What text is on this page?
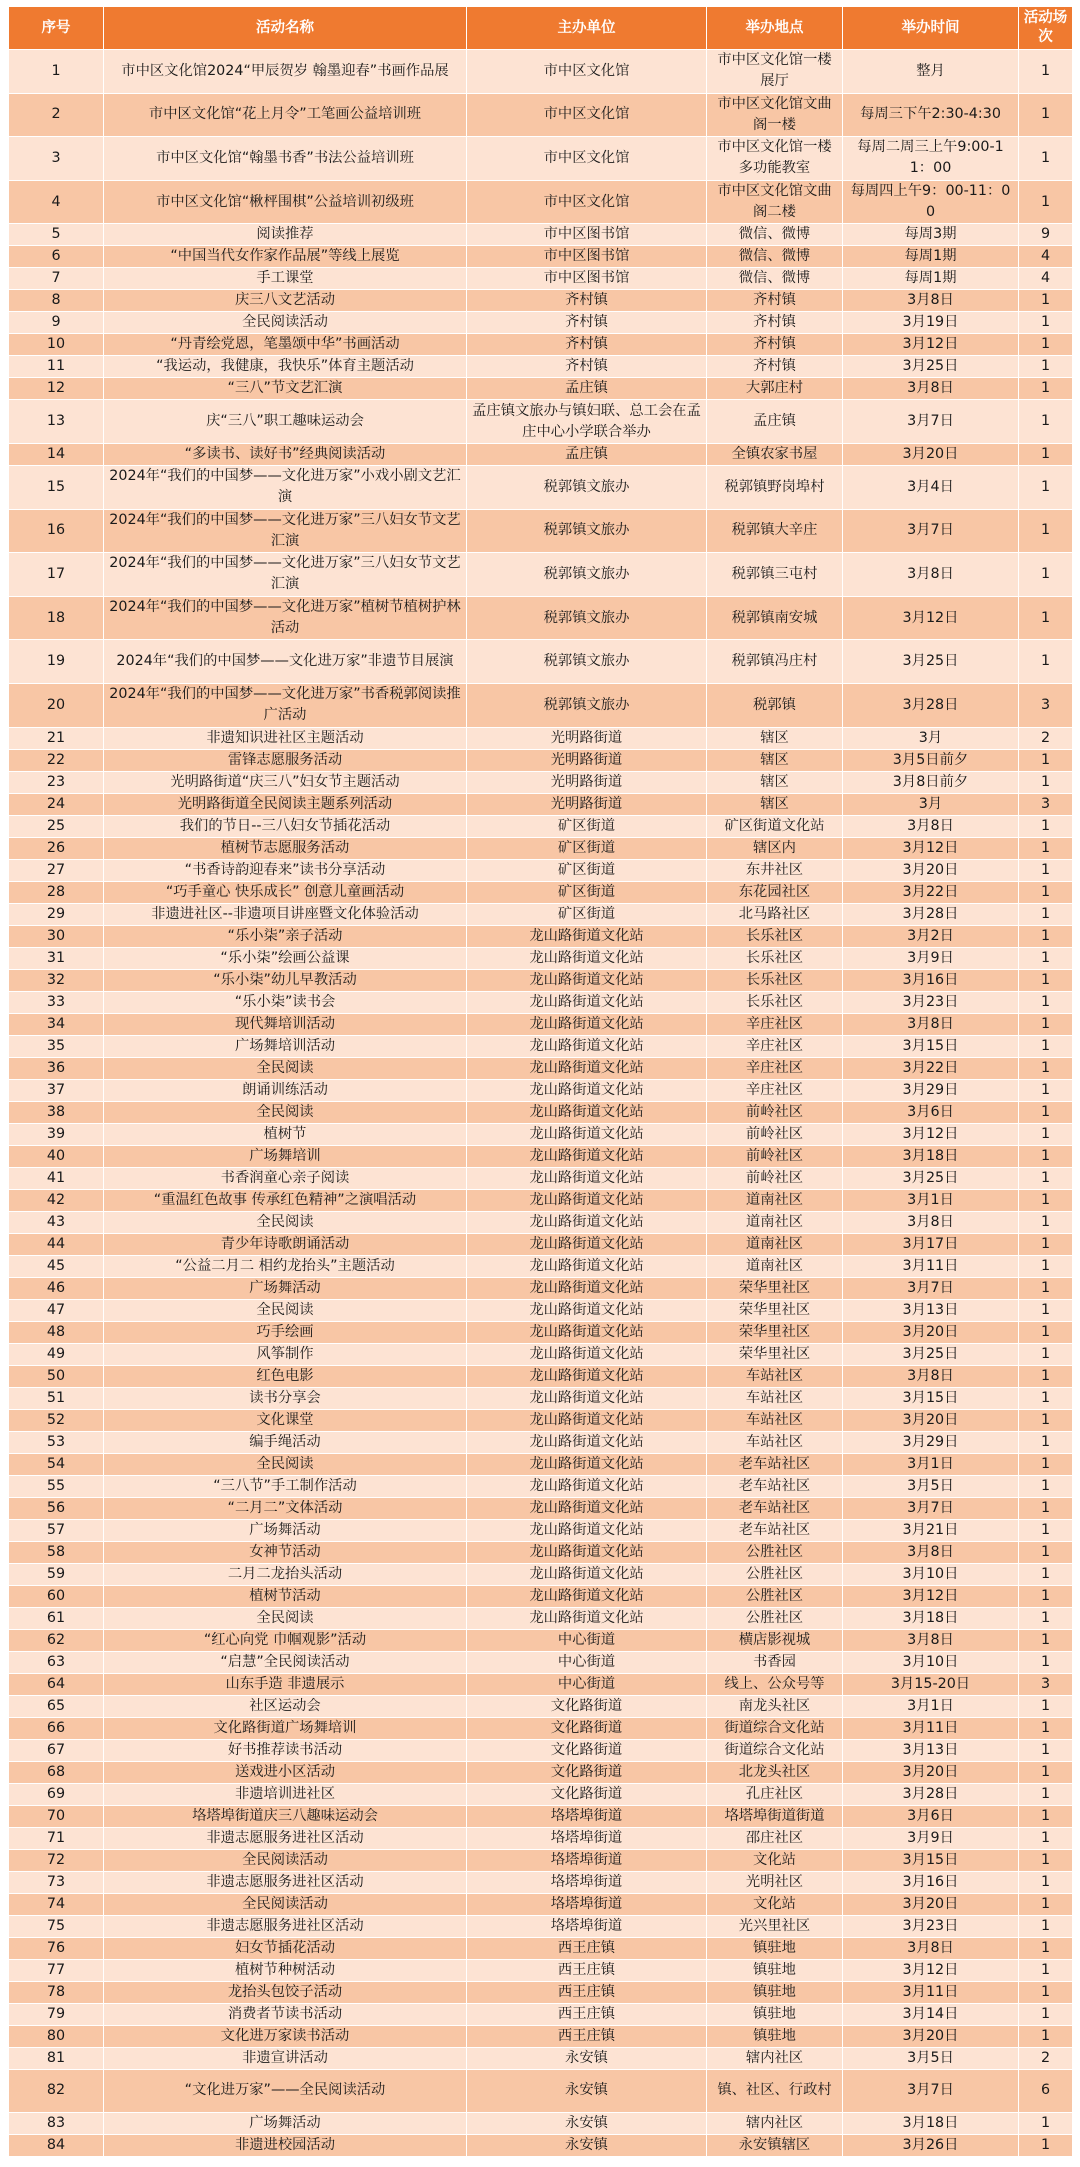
序号	活动名称	主办单位	举办地点	举办时间	活动场次
1	市中区文化馆2024“甲辰贺岁 翰墨迎春”书画作品展	市中区文化馆	市中区文化馆一楼展厅	整月	1
2	市中区文化馆“花上月令”工笔画公益培训班	市中区文化馆	市中区文化馆文曲阁一楼	每周三下午2:30-4:30	1
3	市中区文化馆“翰墨书香”书法公益培训班	市中区文化馆	市中区文化馆一楼多功能教室	每周二周三上午9:00-11：00	1
4	市中区文化馆“楸枰围棋”公益培训初级班	市中区文化馆	市中区文化馆文曲阁二楼	每周四上午9：00-11：00	1
5	阅读推荐	市中区图书馆	微信、微博	每周3期	9
6	“中国当代女作家作品展”等线上展览	市中区图书馆	微信、微博	每周1期	4
7	手工课堂	市中区图书馆	微信、微博	每周1期	4
8	庆三八文艺活动	齐村镇	齐村镇	3月8日	1
9	全民阅读活动	齐村镇	齐村镇	3月19日	1
10	“丹青绘党恩，笔墨颂中华”书画活动	齐村镇	齐村镇	3月12日	1
11	“我运动，我健康，我快乐”体育主题活动	齐村镇	齐村镇	3月25日	1
12	“三八”节文艺汇演	孟庄镇	大郭庄村	3月8日	1
13	庆“三八”职工趣味运动会	孟庄镇文旅办与镇妇联、总工会在孟庄中心小学联合举办	孟庄镇	3月7日	1
14	“多读书、读好书”经典阅读活动	孟庄镇	全镇农家书屋	3月20日	1
15	2024年“我们的中国梦——文化进万家”小戏小剧文艺汇演	税郭镇文旅办	税郭镇野岗埠村	3月4日	1
16	2024年“我们的中国梦——文化进万家”三八妇女节文艺汇演	税郭镇文旅办	税郭镇大辛庄	3月7日	1
17	2024年“我们的中国梦——文化进万家”三八妇女节文艺汇演	税郭镇文旅办	税郭镇三屯村	3月8日	1
18	2024年“我们的中国梦——文化进万家”植树节植树护林活动	税郭镇文旅办	税郭镇南安城	3月12日	1
19	2024年“我们的中国梦——文化进万家”非遗节目展演	税郭镇文旅办	税郭镇冯庄村	3月25日	1
20	2024年“我们的中国梦——文化进万家”书香税郭阅读推广活动	税郭镇文旅办	税郭镇	3月28日	3
21	非遗知识进社区主题活动	光明路街道	辖区	3月	2
22	雷锋志愿服务活动	光明路街道	辖区	3月5日前夕	1
23	光明路街道“庆三八”妇女节主题活动	光明路街道	辖区	3月8日前夕	1
24	光明路街道全民阅读主题系列活动	光明路街道	辖区	3月	3
25	我们的节日--三八妇女节插花活动	矿区街道	矿区街道文化站	3月8日	1
26	植树节志愿服务活动	矿区街道	辖区内	3月12日	1
27	“书香诗韵迎春来”读书分享活动	矿区街道	东井社区	3月20日	1
28	“巧手童心 快乐成长” 创意儿童画活动	矿区街道	东花园社区	3月22日	1
29	非遗进社区--非遗项目讲座暨文化体验活动	矿区街道	北马路社区	3月28日	1
30	“乐小柒”亲子活动	龙山路街道文化站	长乐社区	3月2日	1
31	“乐小柒”绘画公益课	龙山路街道文化站	长乐社区	3月9日	1
32	“乐小柒”幼儿早教活动	龙山路街道文化站	长乐社区	3月16日	1
33	“乐小柒”读书会	龙山路街道文化站	长乐社区	3月23日	1
34	现代舞培训活动	龙山路街道文化站	辛庄社区	3月8日	1
35	广场舞培训活动	龙山路街道文化站	辛庄社区	3月15日	1
36	全民阅读	龙山路街道文化站	辛庄社区	3月22日	1
37	朗诵训练活动	龙山路街道文化站	辛庄社区	3月29日	1
38	全民阅读	龙山路街道文化站	前岭社区	3月6日	1
39	植树节	龙山路街道文化站	前岭社区	3月12日	1
40	广场舞培训	龙山路街道文化站	前岭社区	3月18日	1
41	书香润童心亲子阅读	龙山路街道文化站	前岭社区	3月25日	1
42	“重温红色故事 传承红色精神”之演唱活动	龙山路街道文化站	道南社区	3月1日	1
43	全民阅读	龙山路街道文化站	道南社区	3月8日	1
44	青少年诗歌朗诵活动	龙山路街道文化站	道南社区	3月17日	1
45	“公益二月二 相约龙抬头”主题活动	龙山路街道文化站	道南社区	3月11日	1
46	广场舞活动	龙山路街道文化站	荣华里社区	3月7日	1
47	全民阅读	龙山路街道文化站	荣华里社区	3月13日	1
48	巧手绘画	龙山路街道文化站	荣华里社区	3月20日	1
49	风筝制作	龙山路街道文化站	荣华里社区	3月25日	1
50	红色电影	龙山路街道文化站	车站社区	3月8日	1
51	读书分享会	龙山路街道文化站	车站社区	3月15日	1
52	文化课堂	龙山路街道文化站	车站社区	3月20日	1
53	编手绳活动	龙山路街道文化站	车站社区	3月29日	1
54	全民阅读	龙山路街道文化站	老车站社区	3月1日	1
55	“三八节”手工制作活动	龙山路街道文化站	老车站社区	3月5日	1
56	“二月二”文体活动	龙山路街道文化站	老车站社区	3月7日	1
57	广场舞活动	龙山路街道文化站	老车站社区	3月21日	1
58	女神节活动	龙山路街道文化站	公胜社区	3月8日	1
59	二月二龙抬头活动	龙山路街道文化站	公胜社区	3月10日	1
60	植树节活动	龙山路街道文化站	公胜社区	3月12日	1
61	全民阅读	龙山路街道文化站	公胜社区	3月18日	1
62	“红心向党 巾帼观影”活动	中心街道	横店影视城	3月8日	1
63	“启慧”全民阅读活动	中心街道	书香园	3月10日	1
64	山东手造 非遗展示	中心街道	线上、公众号等	3月15-20日	3
65	社区运动会	文化路街道	南龙头社区	3月1日	1
66	文化路街道广场舞培训	文化路街道	街道综合文化站	3月11日	1
67	好书推荐读书活动	文化路街道	街道综合文化站	3月13日	1
68	送戏进小区活动	文化路街道	北龙头社区	3月20日	1
69	非遗培训进社区	文化路街道	孔庄社区	3月28日	1
70	垎塔埠街道庆三八趣味运动会	垎塔埠街道	垎塔埠街道街道	3月6日	1
71	非遗志愿服务进社区活动	垎塔埠街道	邵庄社区	3月9日	1
72	全民阅读活动	垎塔埠街道	文化站	3月15日	1
73	非遗志愿服务进社区活动	垎塔埠街道	光明社区	3月16日	1
74	全民阅读活动	垎塔埠街道	文化站	3月20日	1
75	非遗志愿服务进社区活动	垎塔埠街道	光兴里社区	3月23日	1
76	妇女节插花活动	西王庄镇	镇驻地	3月8日	1
77	植树节种树活动	西王庄镇	镇驻地	3月12日	1
78	龙抬头包饺子活动	西王庄镇	镇驻地	3月11日	1
79	消费者节读书活动	西王庄镇	镇驻地	3月14日	1
80	文化进万家读书活动	西王庄镇	镇驻地	3月20日	1
81	非遗宣讲活动	永安镇	辖内社区	3月5日	2
82	“文化进万家”——全民阅读活动	永安镇	镇、社区、行政村	3月7日	6
83	广场舞活动	永安镇	辖内社区	3月18日	1
84	非遗进校园活动	永安镇	永安镇辖区	3月26日	1
